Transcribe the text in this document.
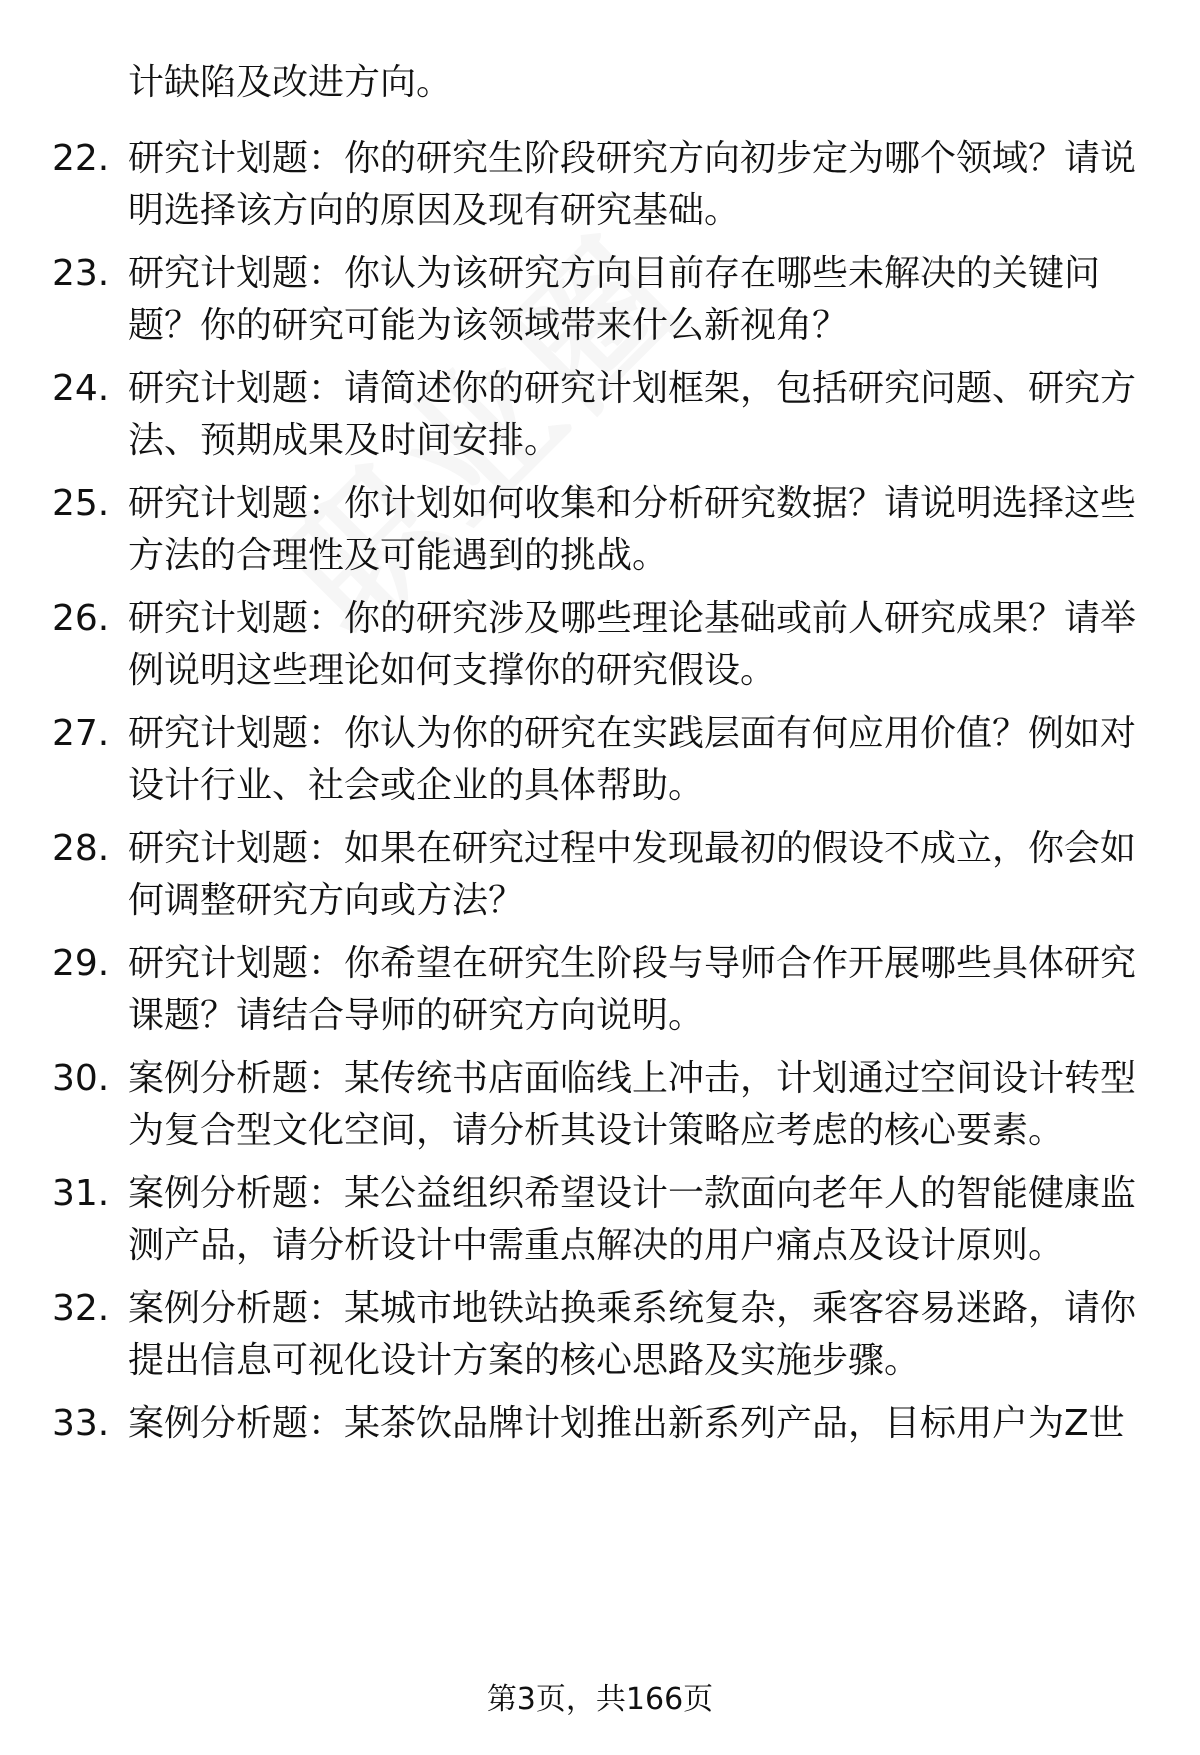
计缺陷及改进方向。
22. 研究计划题：你的研究生阶段研究方向初步定为哪个领域？请说
明选择该方向的原因及现有研究基础。
23. 研究计划题：你认为该研究方向目前存在哪些未解决的关键问
题？你的研究可能为该领域带来什么新视角？
24. 研究计划题：请简述你的研究计划框架，包括研究问题、研究方
法、预期成果及时间安排。
25. 研究计划题：你计划如何收集和分析研究数据？请说明选择这些
方法的合理性及可能遇到的挑战。
26. 研究计划题：你的研究涉及哪些理论基础或前人研究成果？请举
例说明这些理论如何支撑你的研究假设。
27. 研究计划题：你认为你的研究在实践层面有何应用价值？例如对
设计行业、社会或企业的具体帮助。
28. 研究计划题：如果在研究过程中发现最初的假设不成立，你会如
何调整研究方向或方法？
29. 研究计划题：你希望在研究生阶段与导师合作开展哪些具体研究
课题？请结合导师的研究方向说明。
30. 案例分析题：某传统书店面临线上冲击，计划通过空间设计转型
为复合型文化空间，请分析其设计策略应考虑的核心要素。
31. 案例分析题：某公益组织希望设计一款面向老年人的智能健康监
测产品，请分析设计中需重点解决的用户痛点及设计原则。
32. 案例分析题：某城市地铁站换乘系统复杂，乘客容易迷路，请你
提出信息可视化设计方案的核心思路及实施步骤。
33. 案例分析题：某茶饮品牌计划推出新系列产品，目标用户为Z世
第3页，共166页
